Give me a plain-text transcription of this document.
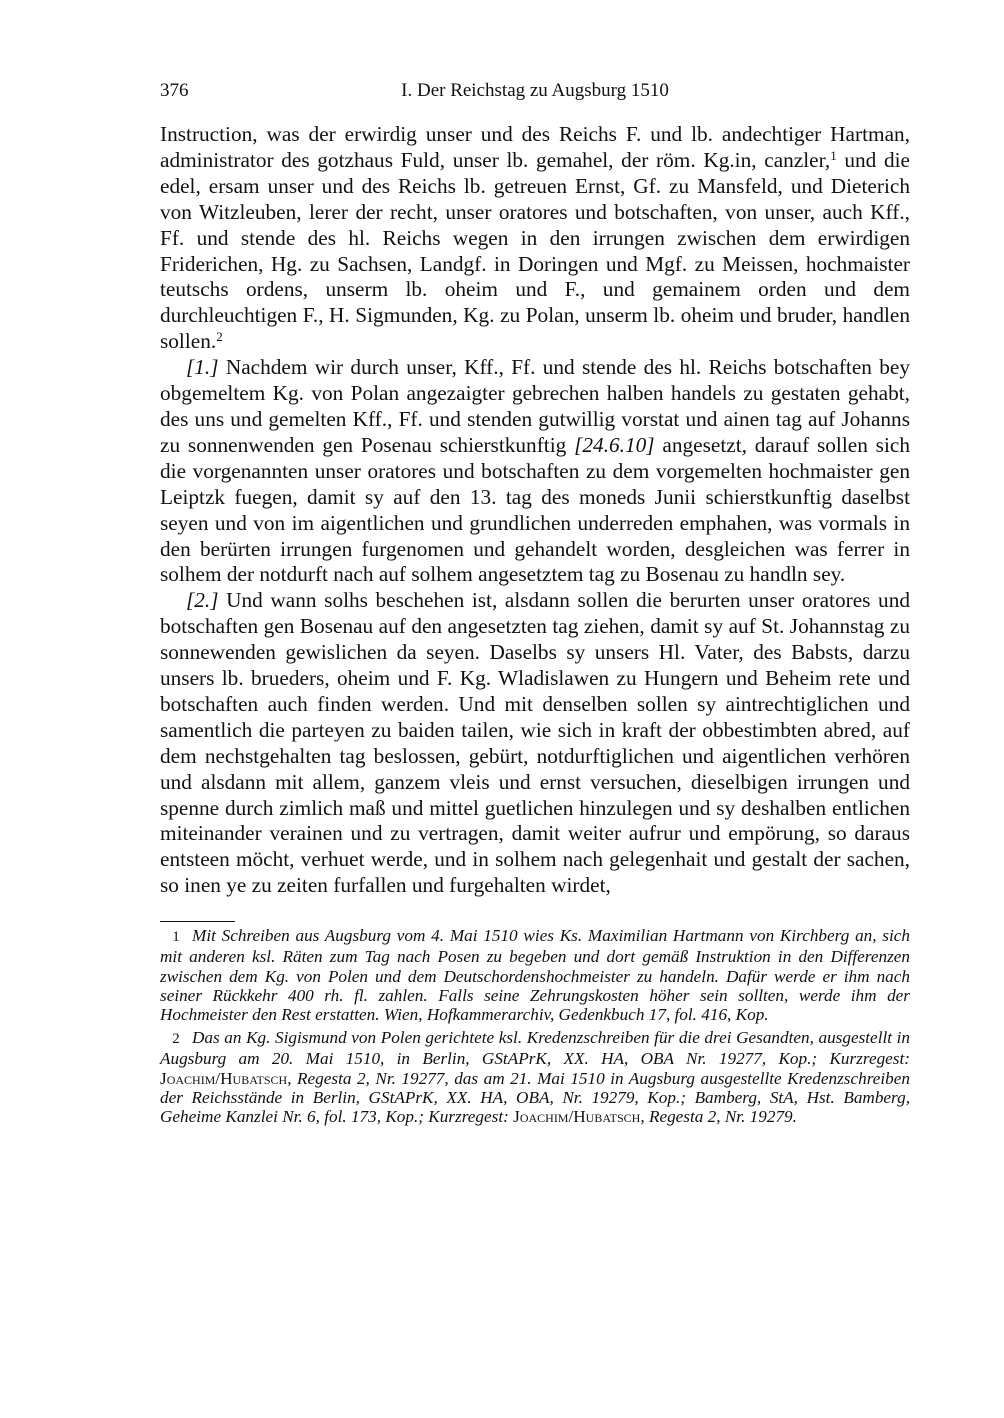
376	I. Der Reichstag zu Augsburg 1510

Instruction, was der erwirdig unser und des Reichs F. und lb. andechtiger Hartman, administrator des gotzhaus Fuld, unser lb. gemahel, der röm. Kg.in, canzler,$^1$ und die edel, ersam unser und des Reichs lb. getreuen Ernst, Gf. zu Mansfeld, und Dieterich von Witzleuben, lerer der recht, unser oratores und botschaften, von unser, auch Kff., Ff. und stende des hl. Reichs wegen in den irrungen zwischen dem erwirdigen Friderichen, Hg. zu Sachsen, Landgf. in Doringen und Mgf. zu Meissen, hochmaister teutschs ordens, unserm lb. oheim und F., und gemainem orden und dem durchleuchtigen F., H. Sigmunden, Kg. zu Polan, unserm lb. oheim und bruder, handlen sollen.$^2$

[1.] Nachdem wir durch unser, Kff., Ff. und stende des hl. Reichs botschaften bey obgemeltem Kg. von Polan angezaigter gebrechen halben handels zu gestaten gehabt, des uns und gemelten Kff., Ff. und stenden gutwillig vorstat und ainen tag auf Johanns zu sonnenwenden gen Posenau schierstkunftig [24.6.10] angesetzt, darauf sollen sich die vorgenannten unser oratores und botschaften zu dem vorgemelten hochmaister gen Leiptzk fuegen, damit sy auf den 13. tag des moneds Junii schierstkunftig daselbst seyen und von im aigentlichen und grundlichen underreden emphahen, was vormals in den berürten irrungen furgenomen und gehandelt worden, desgleichen was ferrer in solhem der notdurft nach auf solhem angesetztem tag zu Bosenau zu handln sey.

[2.] Und wann solhs beschehen ist, alsdann sollen die berurten unser oratores und botschaften gen Bosenau auf den angesetzten tag ziehen, damit sy auf St. Johannstag zu sonnewenden gewislichen da seyen. Daselbs sy unsers Hl. Vater, des Babsts, darzu unsers lb. brueders, oheim und F. Kg. Wladislawen zu Hungern und Beheim rete und botschaften auch finden werden. Und mit denselben sollen sy aintrechtiglichen und samentlich die parteyen zu baiden tailen, wie sich in kraft der obbestimbten abred, auf dem nechstgehalten tag beslossen, gebürt, notdurftiglichen und aigentlichen verhören und alsdann mit allem, ganzem vleis und ernst versuchen, dieselbigen irrungen und spenne durch zimlich maß und mittel guetlichen hinzulegen und sy deshalben entlichen miteinander verainen und zu vertragen, damit weiter aufrur und empörung, so daraus entsteen möcht, verhuet werde, und in solhem nach gelegenhait und gestalt der sachen, so inen ye zu zeiten furfallen und furgehalten wirdet,

1 Mit Schreiben aus Augsburg vom 4. Mai 1510 wies Ks. Maximilian Hartmann von Kirchberg an, sich mit anderen ksl. Räten zum Tag nach Posen zu begeben und dort gemäß Instruktion in den Differenzen zwischen dem Kg. von Polen und dem Deutschordenshochmeister zu handeln. Dafür werde er ihm nach seiner Rückkehr 400 rh. fl. zahlen. Falls seine Zehrungskosten höher sein sollten, werde ihm der Hochmeister den Rest erstatten. Wien, Hofkammerarchiv, Gedenkbuch 17, fol. 416, Kop.

2 Das an Kg. Sigismund von Polen gerichtete ksl. Kredenzschreiben für die drei Gesandten, ausgestellt in Augsburg am 20. Mai 1510, in Berlin, GStAPrK, XX. HA, OBA Nr. 19277, Kop.; Kurzregest: Joachim/Hubatsch, Regesta 2, Nr. 19277, das am 21. Mai 1510 in Augsburg ausgestellte Kredenzschreiben der Reichsstände in Berlin, GStAPrK, XX. HA, OBA, Nr. 19279, Kop.; Bamberg, StA, Hst. Bamberg, Geheime Kanzlei Nr. 6, fol. 173, Kop.; Kurzregest: Joachim/Hubatsch, Regesta 2, Nr. 19279.
